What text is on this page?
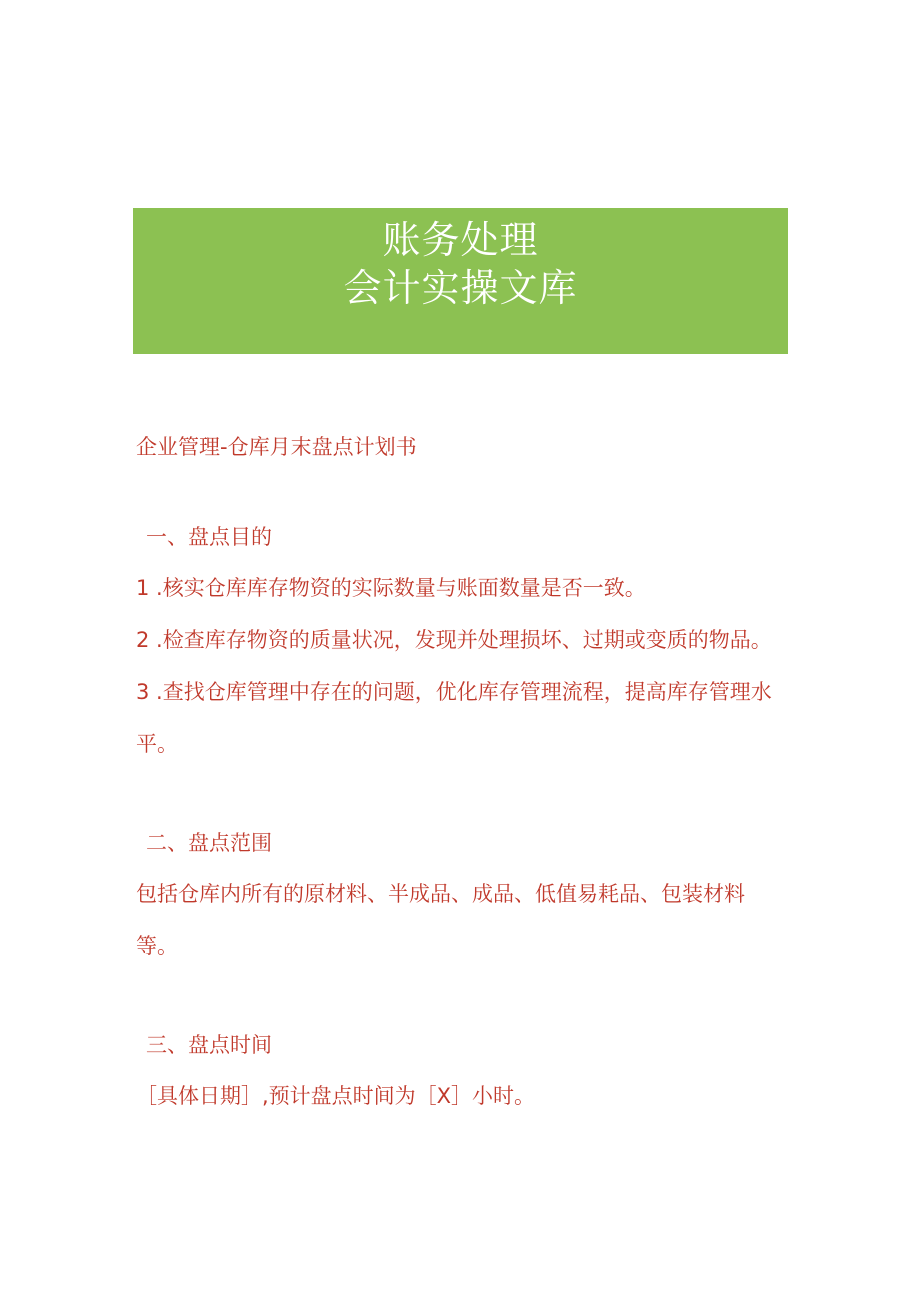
账务处理
会计实操文库
企业管理-仓库月末盘点计划书
一、盘点目的

1 .核实仓库库存物资的实际数量与账面数量是否一致。

2 .检查库存物资的质量状况，发现并处理损坏、过期或变质的物品。

3 .查找仓库管理中存在的问题，优化库存管理流程，提高库存管理水平。

二、盘点范围

包括仓库内所有的原材料、半成品、成品、低值易耗品、包装材料等。

三、盘点时间

［具体日期］,预计盘点时间为［X］小时。
